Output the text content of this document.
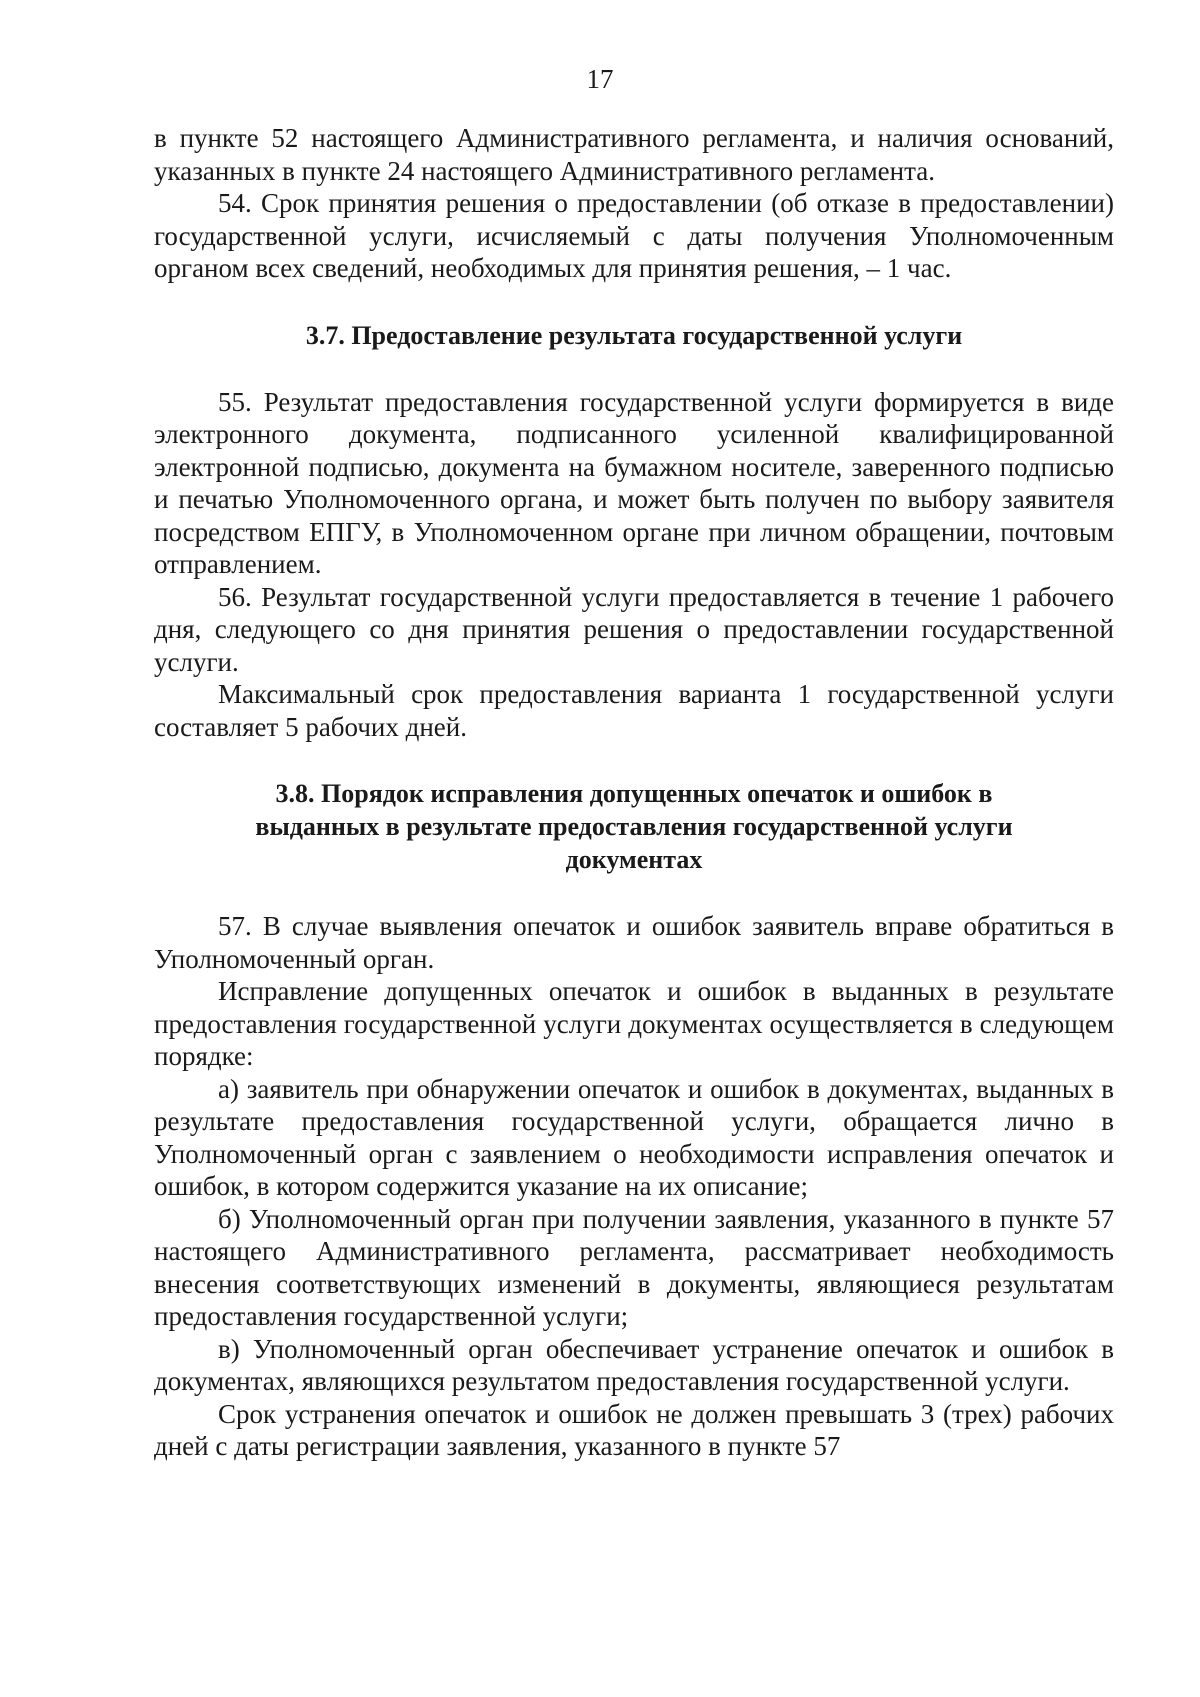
17

в пункте 52 настоящего Административного регламента, и наличия оснований, указанных в пункте 24 настоящего Административного регламента.

54. Срок принятия решения о предоставлении (об отказе в предоставлении) государственной услуги, исчисляемый с даты получения Уполномоченным органом всех сведений, необходимых для принятия решения, – 1 час.

3.7. Предоставление результата государственной услуги

55. Результат предоставления государственной услуги формируется в виде электронного документа, подписанного усиленной квалифицированной электронной подписью, документа на бумажном носителе, заверенного подписью и печатью Уполномоченного органа, и может быть получен по выбору заявителя посредством ЕПГУ, в Уполномоченном органе при личном обращении, почтовым отправлением.

56. Результат государственной услуги предоставляется в течение 1 рабочего дня, следующего со дня принятия решения о предоставлении государственной услуги.

Максимальный срок предоставления варианта 1 государственной услуги составляет 5 рабочих дней.

3.8. Порядок исправления допущенных опечаток и ошибок в

выданных в результате предоставления государственной услуги

документах

57. В случае выявления опечаток и ошибок заявитель вправе обратиться в Уполномоченный орган.

Исправление допущенных опечаток и ошибок в выданных в результате предоставления государственной услуги документах осуществляется в следующем порядке:

а) заявитель при обнаружении опечаток и ошибок в документах, выданных в результате предоставления государственной услуги, обращается лично в Уполномоченный орган с заявлением о необходимости исправления опечаток и ошибок, в котором содержится указание на их описание;

б) Уполномоченный орган при получении заявления, указанного в пункте 57 настоящего Административного регламента, рассматривает необходимость внесения соответствующих изменений в документы, являющиеся результатам предоставления государственной услуги;

в) Уполномоченный орган обеспечивает устранение опечаток и ошибок в документах, являющихся результатом предоставления государственной услуги.

Срок устранения опечаток и ошибок не должен превышать 3 (трех) рабочих дней с даты регистрации заявления, указанного в пункте 57
